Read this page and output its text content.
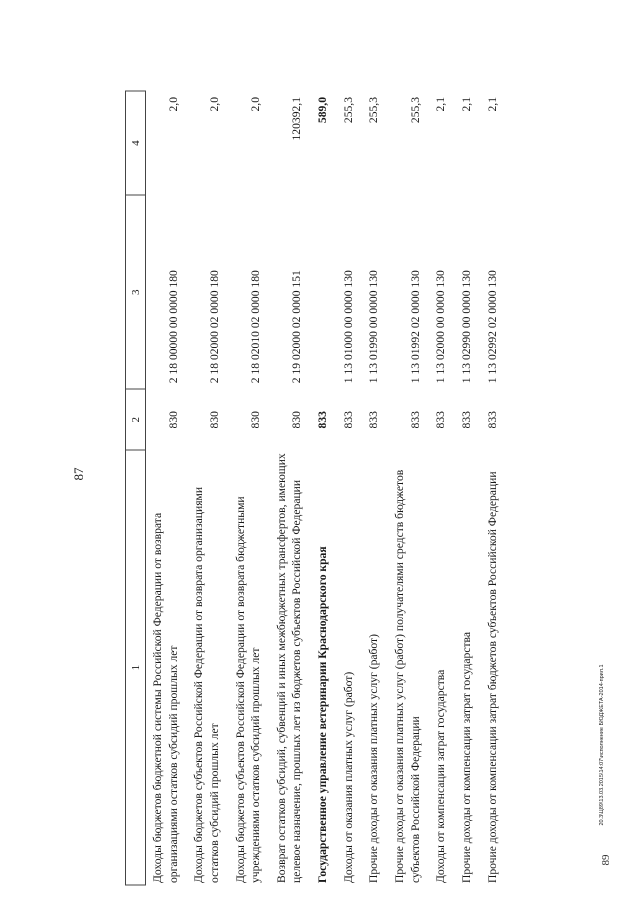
87
20.3\Ц89\13.03.2015\14:07\исполнение БЮДЖЕТА-2014-прил.1
89
1	2	3	4
Доходы бюджетов бюджетной системы Российской Федерации от возврата организациями остатков субсидий прошлых лет	830	2 18 00000 00 0000 180	2,0
Доходы бюджетов субъектов Российской Федерации от возврата организациями остатков субсидий прошлых лет	830	2 18 02000 02 0000 180	2,0
Доходы бюджетов субъектов Российской Федерации от возврата бюджетными учреждениями остатков субсидий прошлых лет	830	2 18 02010 02 0000 180	2,0
Возврат остатков субсидий, субвенций и иных межбюджетных трансфертов, имеющих целевое назначение, прошлых лет из бюджетов субъектов Российской Федерации	830	2 19 02000 02 0000 151	120392,1
Государственное управление ветеринарии Краснодарского края	833		589,0
Доходы от оказания платных услуг (работ)	833	1 13 01000 00 0000 130	255,3
Прочие доходы от оказания платных услуг (работ)	833	1 13 01990 00 0000 130	255,3
Прочие доходы от оказания платных услуг (работ) получателями средств бюджетов субъектов Российской Федерации	833	1 13 01992 02 0000 130	255,3
Доходы от компенсации затрат государства	833	1 13 02000 00 0000 130	2,1
Прочие доходы от компенсации затрат государства	833	1 13 02990 00 0000 130	2,1
Прочие доходы от компенсации затрат бюджетов субъектов Российской Федерации	833	1 13 02992 02 0000 130	2,1
